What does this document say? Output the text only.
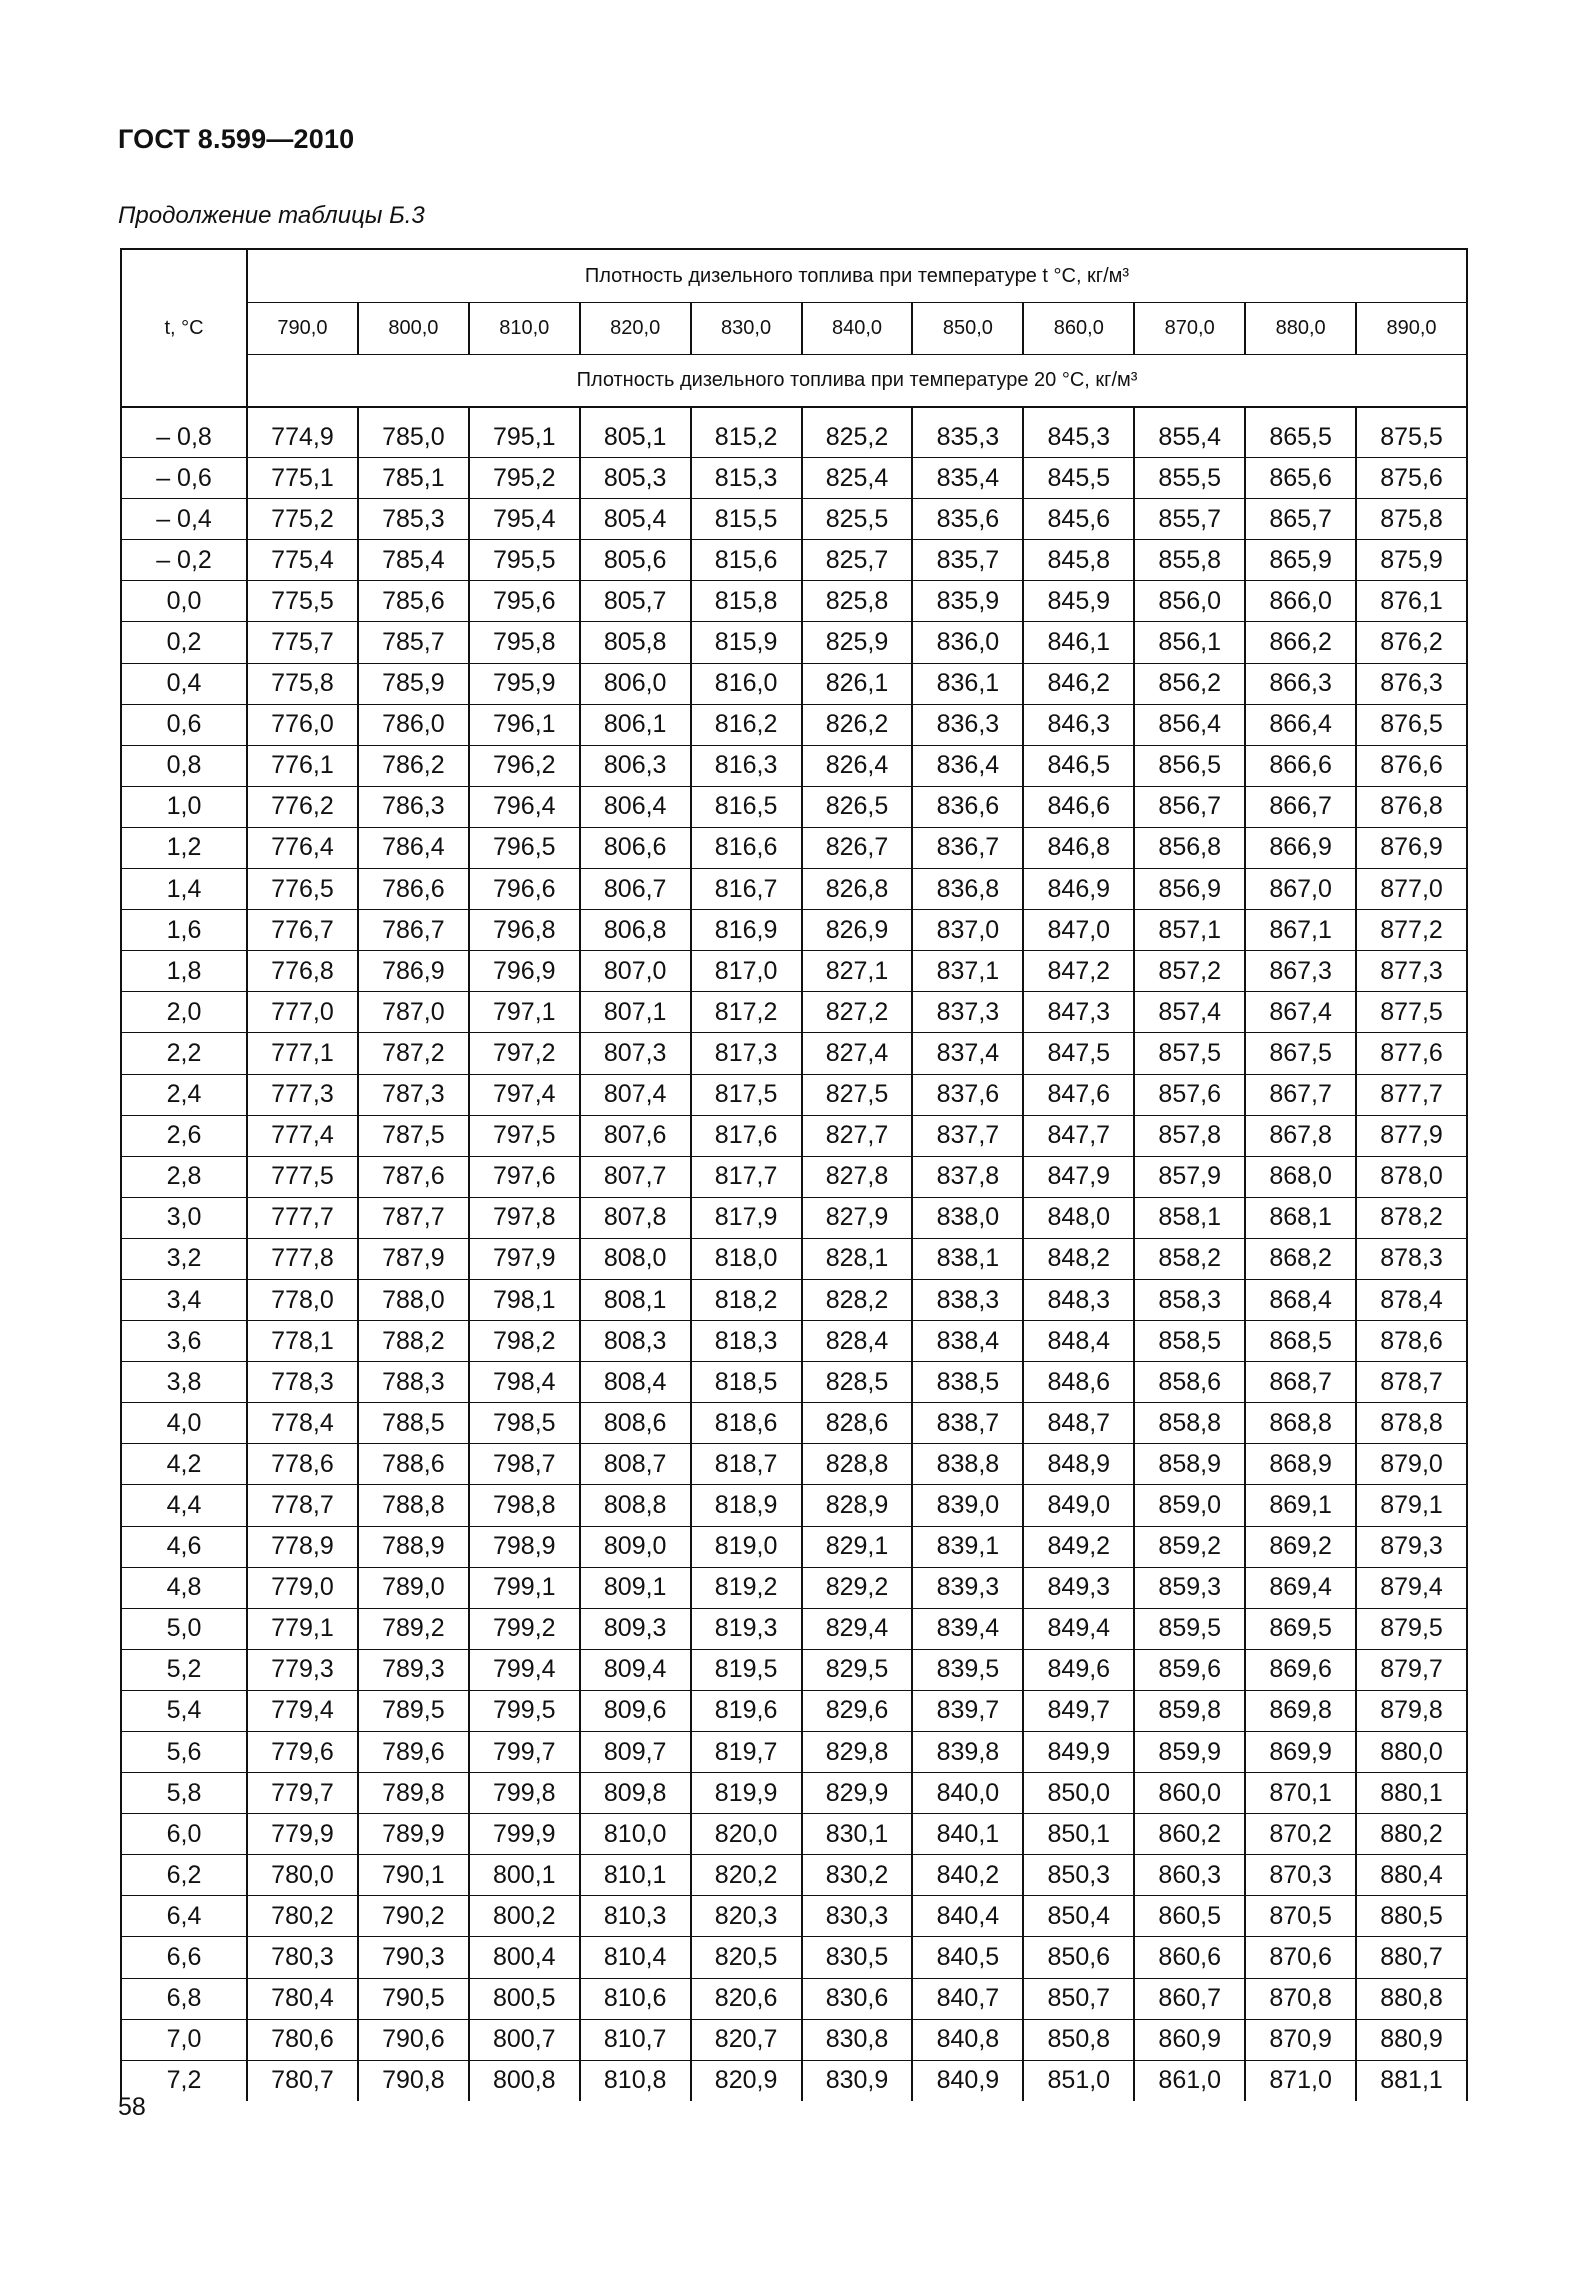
ГОСТ 8.599—2010
Продолжение таблицы Б.3
t, °C	Плотность дизельного топлива при температуре t °C, кг/м³										
	790,0	800,0	810,0	820,0	830,0	840,0	850,0	860,0	870,0	880,0	890,0
	Плотность дизельного топлива при температуре 20 °C, кг/м³										

– 0,8	774,9	785,0	795,1	805,1	815,2	825,2	835,3	845,3	855,4	865,5	875,5
– 0,6	775,1	785,1	795,2	805,3	815,3	825,4	835,4	845,5	855,5	865,6	875,6
– 0,4	775,2	785,3	795,4	805,4	815,5	825,5	835,6	845,6	855,7	865,7	875,8
– 0,2	775,4	785,4	795,5	805,6	815,6	825,7	835,7	845,8	855,8	865,9	875,9
0,0	775,5	785,6	795,6	805,7	815,8	825,8	835,9	845,9	856,0	866,0	876,1
0,2	775,7	785,7	795,8	805,8	815,9	825,9	836,0	846,1	856,1	866,2	876,2
0,4	775,8	785,9	795,9	806,0	816,0	826,1	836,1	846,2	856,2	866,3	876,3
0,6	776,0	786,0	796,1	806,1	816,2	826,2	836,3	846,3	856,4	866,4	876,5
0,8	776,1	786,2	796,2	806,3	816,3	826,4	836,4	846,5	856,5	866,6	876,6
1,0	776,2	786,3	796,4	806,4	816,5	826,5	836,6	846,6	856,7	866,7	876,8
1,2	776,4	786,4	796,5	806,6	816,6	826,7	836,7	846,8	856,8	866,9	876,9
1,4	776,5	786,6	796,6	806,7	816,7	826,8	836,8	846,9	856,9	867,0	877,0
1,6	776,7	786,7	796,8	806,8	816,9	826,9	837,0	847,0	857,1	867,1	877,2
1,8	776,8	786,9	796,9	807,0	817,0	827,1	837,1	847,2	857,2	867,3	877,3
2,0	777,0	787,0	797,1	807,1	817,2	827,2	837,3	847,3	857,4	867,4	877,5
2,2	777,1	787,2	797,2	807,3	817,3	827,4	837,4	847,5	857,5	867,5	877,6
2,4	777,3	787,3	797,4	807,4	817,5	827,5	837,6	847,6	857,6	867,7	877,7
2,6	777,4	787,5	797,5	807,6	817,6	827,7	837,7	847,7	857,8	867,8	877,9
2,8	777,5	787,6	797,6	807,7	817,7	827,8	837,8	847,9	857,9	868,0	878,0
3,0	777,7	787,7	797,8	807,8	817,9	827,9	838,0	848,0	858,1	868,1	878,2
3,2	777,8	787,9	797,9	808,0	818,0	828,1	838,1	848,2	858,2	868,2	878,3
3,4	778,0	788,0	798,1	808,1	818,2	828,2	838,3	848,3	858,3	868,4	878,4
3,6	778,1	788,2	798,2	808,3	818,3	828,4	838,4	848,4	858,5	868,5	878,6
3,8	778,3	788,3	798,4	808,4	818,5	828,5	838,5	848,6	858,6	868,7	878,7
4,0	778,4	788,5	798,5	808,6	818,6	828,6	838,7	848,7	858,8	868,8	878,8
4,2	778,6	788,6	798,7	808,7	818,7	828,8	838,8	848,9	858,9	868,9	879,0
4,4	778,7	788,8	798,8	808,8	818,9	828,9	839,0	849,0	859,0	869,1	879,1
4,6	778,9	788,9	798,9	809,0	819,0	829,1	839,1	849,2	859,2	869,2	879,3
4,8	779,0	789,0	799,1	809,1	819,2	829,2	839,3	849,3	859,3	869,4	879,4
5,0	779,1	789,2	799,2	809,3	819,3	829,4	839,4	849,4	859,5	869,5	879,5
5,2	779,3	789,3	799,4	809,4	819,5	829,5	839,5	849,6	859,6	869,6	879,7
5,4	779,4	789,5	799,5	809,6	819,6	829,6	839,7	849,7	859,8	869,8	879,8
5,6	779,6	789,6	799,7	809,7	819,7	829,8	839,8	849,9	859,9	869,9	880,0
5,8	779,7	789,8	799,8	809,8	819,9	829,9	840,0	850,0	860,0	870,1	880,1
6,0	779,9	789,9	799,9	810,0	820,0	830,1	840,1	850,1	860,2	870,2	880,2
6,2	780,0	790,1	800,1	810,1	820,2	830,2	840,2	850,3	860,3	870,3	880,4
6,4	780,2	790,2	800,2	810,3	820,3	830,3	840,4	850,4	860,5	870,5	880,5
6,6	780,3	790,3	800,4	810,4	820,5	830,5	840,5	850,6	860,6	870,6	880,7
6,8	780,4	790,5	800,5	810,6	820,6	830,6	840,7	850,7	860,7	870,8	880,8
7,0	780,6	790,6	800,7	810,7	820,7	830,8	840,8	850,8	860,9	870,9	880,9
7,2	780,7	790,8	800,8	810,8	820,9	830,9	840,9	851,0	861,0	871,0	881,1
58
